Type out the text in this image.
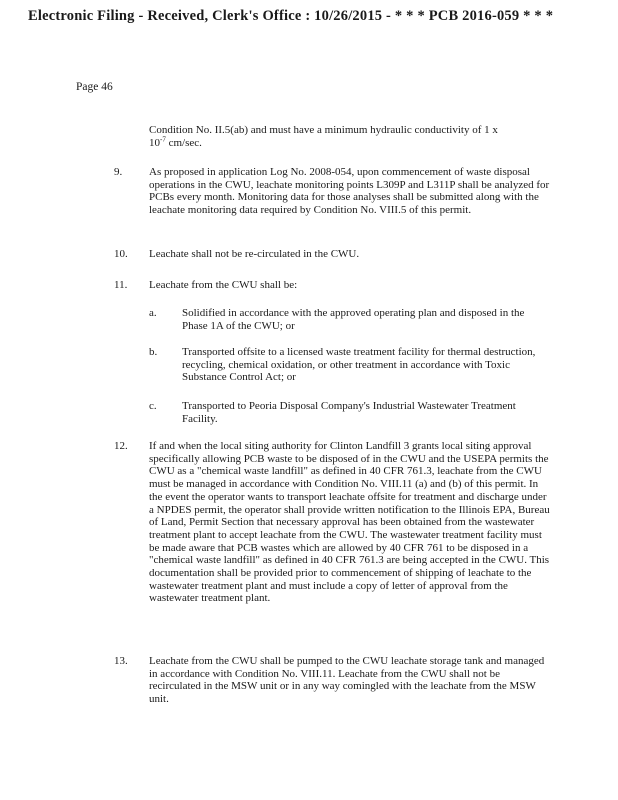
Electronic Filing - Received, Clerk's Office : 10/26/2015 - * * * PCB 2016-059 * * *
Page 46
Condition No. II.5(ab) and must have a minimum hydraulic conductivity of 1 x
$10^{-7}$ cm/sec.
9. As proposed in application Log No. 2008-054, upon commencement of waste disposal operations in the CWU, leachate monitoring points L309P and L311P shall be analyzed for PCBs every month. Monitoring data for those analyses shall be submitted along with the leachate monitoring data required by Condition No. VIII.5 of this permit.
10. Leachate shall not be re-circulated in the CWU.
11. Leachate from the CWU shall be:
a. Solidified in accordance with the approved operating plan and disposed in the Phase 1A of the CWU; or
b. Transported offsite to a licensed waste treatment facility for thermal destruction, recycling, chemical oxidation, or other treatment in accordance with Toxic Substance Control Act; or
c. Transported to Peoria Disposal Company's Industrial Wastewater Treatment Facility.
12. If and when the local siting authority for Clinton Landfill 3 grants local siting approval specifically allowing PCB waste to be disposed of in the CWU and the USEPA permits the CWU as a "chemical waste landfill" as defined in 40 CFR 761.3, leachate from the CWU must be managed in accordance with Condition No. VIII.11 (a) and (b) of this permit. In the event the operator wants to transport leachate offsite for treatment and discharge under a NPDES permit, the operator shall provide written notification to the Illinois EPA, Bureau of Land, Permit Section that necessary approval has been obtained from the wastewater treatment plant to accept leachate from the CWU. The wastewater treatment facility must be made aware that PCB wastes which are allowed by 40 CFR 761 to be disposed in a "chemical waste landfill" as defined in 40 CFR 761.3 are being accepted in the CWU. This documentation shall be provided prior to commencement of shipping of leachate to the wastewater treatment plant and must include a copy of letter of approval from the wastewater treatment plant.
13. Leachate from the CWU shall be pumped to the CWU leachate storage tank and managed in accordance with Condition No. VIII.11. Leachate from the CWU shall not be recirculated in the MSW unit or in any way comingled with the leachate from the MSW unit.
